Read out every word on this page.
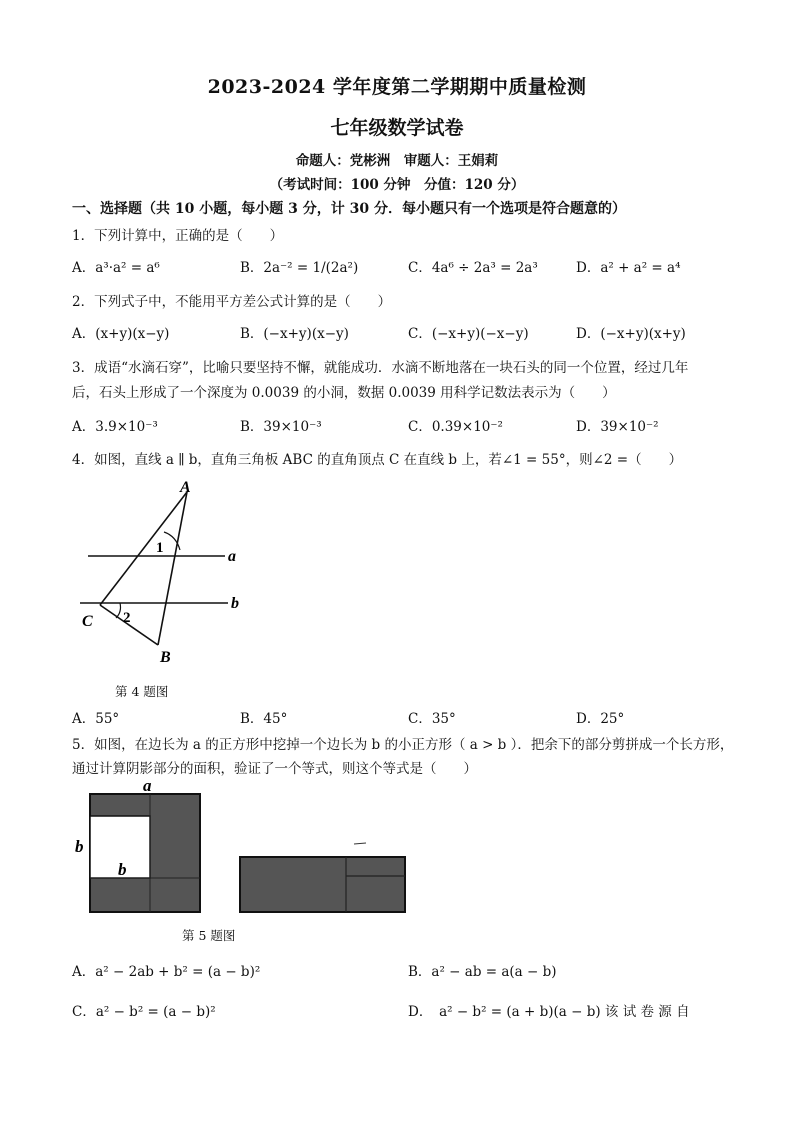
2023-2024 学年度第二学期期中质量检测
七年级数学试卷
命题人：党彬洲　审题人：王娟莉
（考试时间：100 分钟　分值：120 分）
一、选择题（共 10 小题，每小题 3 分，计 30 分．每小题只有一个选项是符合题意的）
1．下列计算中，正确的是（　　）
A．a³·a² = a⁶	B．2a⁻² = 1/(2a²)	C．4a⁶ ÷ 2a³ = 2a³	D．a² + a² = a⁴
2．下列式子中，不能用平方差公式计算的是（　　）
A．(x+y)(x−y)	B．(−x+y)(x−y)	C．(−x+y)(−x−y)	D．(−x+y)(x+y)
3．成语“水滴石穿”，比喻只要坚持不懈，就能成功．水滴不断地落在一块石头的同一个位置，经过几年
后，石头上形成了一个深度为 0.0039 的小洞，数据 0.0039 用科学记数法表示为（　　）
A．3.9×10⁻³	B．39×10⁻³	C．0.39×10⁻²	D．39×10⁻²
4．如图，直线 a ∥ b，直角三角板 ABC 的直角顶点 C 在直线 b 上，若∠1 = 55°，则∠2 =（　　）
A
B
C
a
b
1
2
第 4 题图
A．55°	B．45°	C．35°	D．25°
5．如图，在边长为 a 的正方形中挖掉一个边长为 b 的小正方形（ a > b ）．把余下的部分剪拼成一个长方形，
通过计算阴影部分的面积，验证了一个等式，则这个等式是（　　）
a
b
b
第 5 题图
A．a² − 2ab + b² = (a − b)²	B．a² − ab = a(a − b)
C．a² − b² = (a − b)²	D．　a² − b² = (a + b)(a − b) 该 试 卷 源 自
